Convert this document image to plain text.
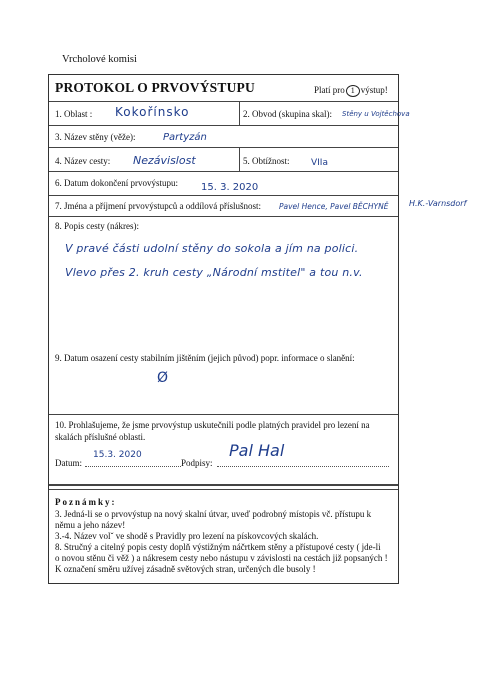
Vrcholové komisi
PROTOKOL O PRVOVÝSTUPU	Platí pro 1 výstup!
1. Oblast : Kokořínsko	2. Obvod (skupina skal): Stěny u Vojtěchova
3. Název stěny (věže):	Partyzán
4. Název cesty: Nezávislost	5. Obtížnost: VIIa
6. Datum dokončení prvovýstupu: 15. 3. 2020
7. Jména a příjmení prvovýstupců a oddílová příslušnost: Pavel Hence, Pavel BĚCHYNĚ
8. Popis cesty (nákres):
V pravé části udolní stěny do sokola a jím na polici.
Vlevo přes 2. kruh cesty „Národní mstitel" a tou n.v.
9. Datum osazení cesty stabilním jištěním (jejich původ) popr. informace o slanění:
Ø
10. Prohlašujeme, že jsme prvovýstup uskutečnili podle platných pravidel pro lezení na
skalách příslušné oblasti.
Datum:
15.3. 2020
Podpisy:
Pal Hal
Poznámky:
3. Jedná-li se o prvovýstup na nový skalní útvar, uveď podrobný místopis vč. přístupu k
němu a jeho název!
3.-4. Název volˇ ve shodě s Pravidly pro lezení na pískovcových skalách.
8. Stručný a citelný popis cesty doplň výstižným náčrtkem stěny a přístupové cesty ( jde-li
o novou stěnu či věž ) a nákresem cesty nebo nástupu v závislosti na cestách již popsaných !
K označení směru užívej zásadně světových stran, určených dle busoly !
H.K.-Varnsdorf
